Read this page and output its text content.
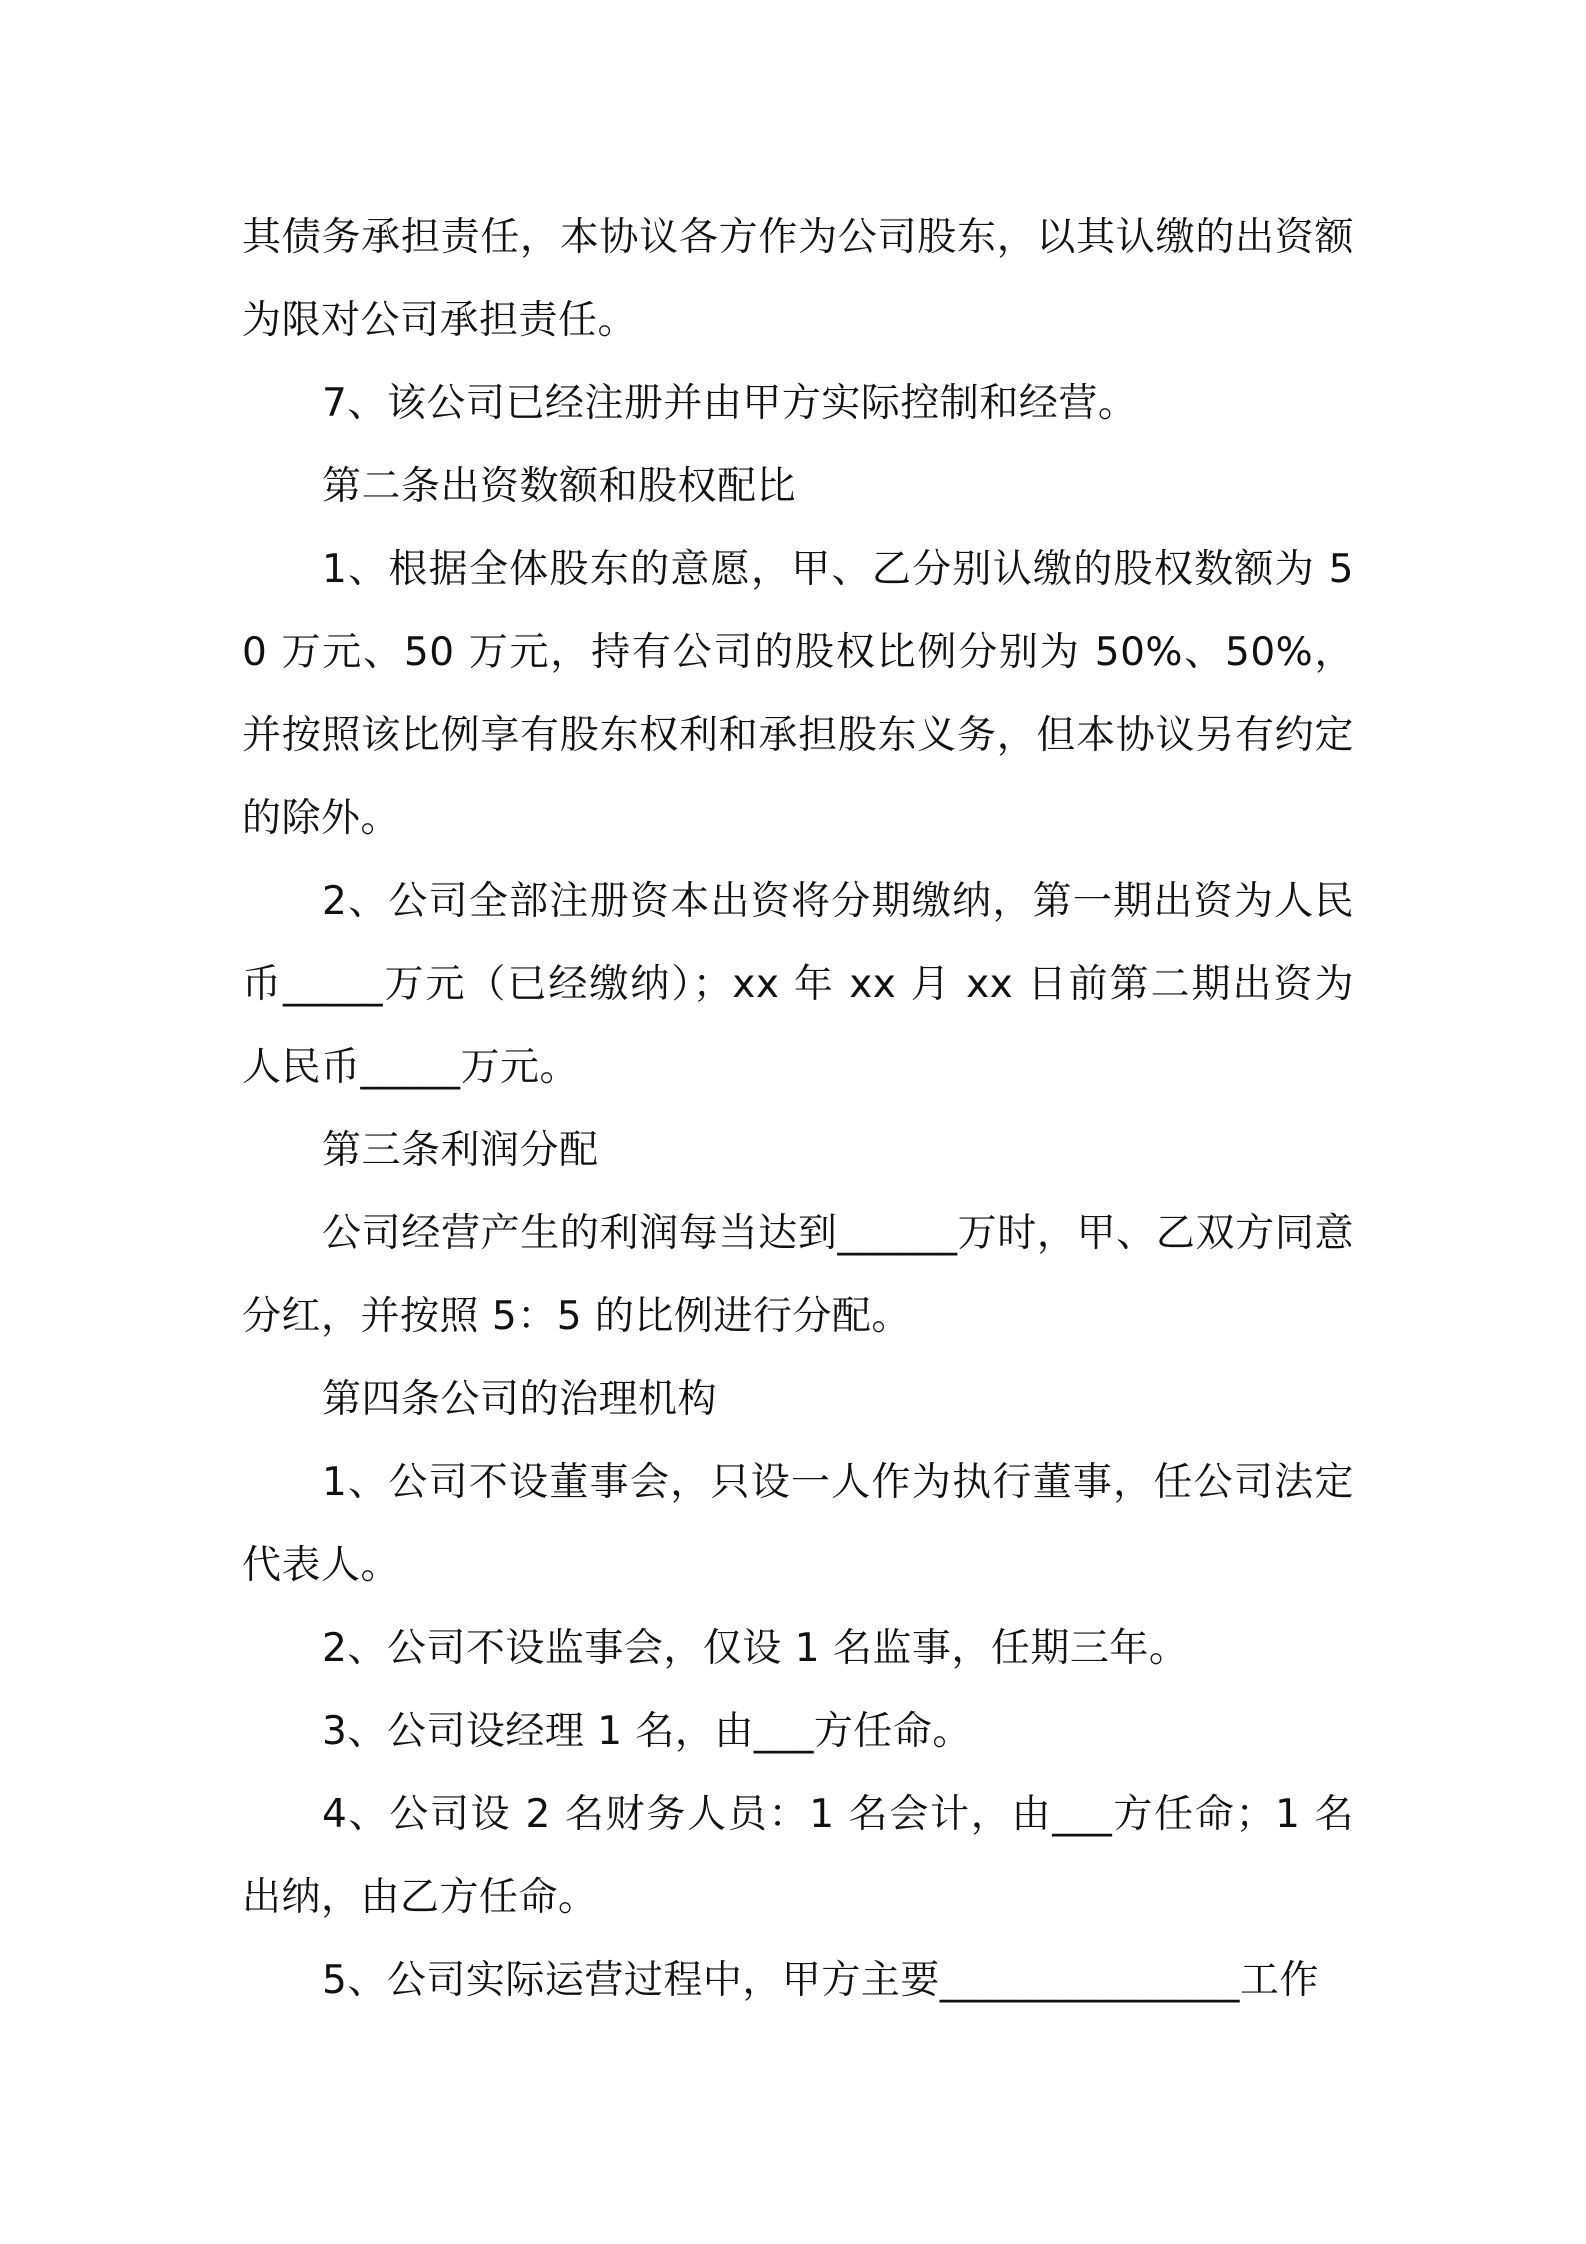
其债务承担责任，本协议各方作为公司股东，以其认缴的出资额为限对公司承担责任。

7、该公司已经注册并由甲方实际控制和经营。

第二条出资数额和股权配比

1、根据全体股东的意愿，甲、乙分别认缴的股权数额为 50 万元、50 万元，持有公司的股权比例分别为 50%、50%，并按照该比例享有股东权利和承担股东义务，但本协议另有约定的除外。

2、公司全部注册资本出资将分期缴纳，第一期出资为人民币_____万元（已经缴纳）；xx 年 xx 月 xx 日前第二期出资为人民币_____万元。

第三条利润分配

公司经营产生的利润每当达到______万时，甲、乙双方同意分红，并按照 5：5 的比例进行分配。

第四条公司的治理机构

1、公司不设董事会，只设一人作为执行董事，任公司法定代表人。

2、公司不设监事会，仅设 1 名监事，任期三年。

3、公司设经理 1 名，由___方任命。

4、公司设 2 名财务人员：1 名会计，由___方任命；1 名出纳，由乙方任命。

5、公司实际运营过程中，甲方主要_______________工作
